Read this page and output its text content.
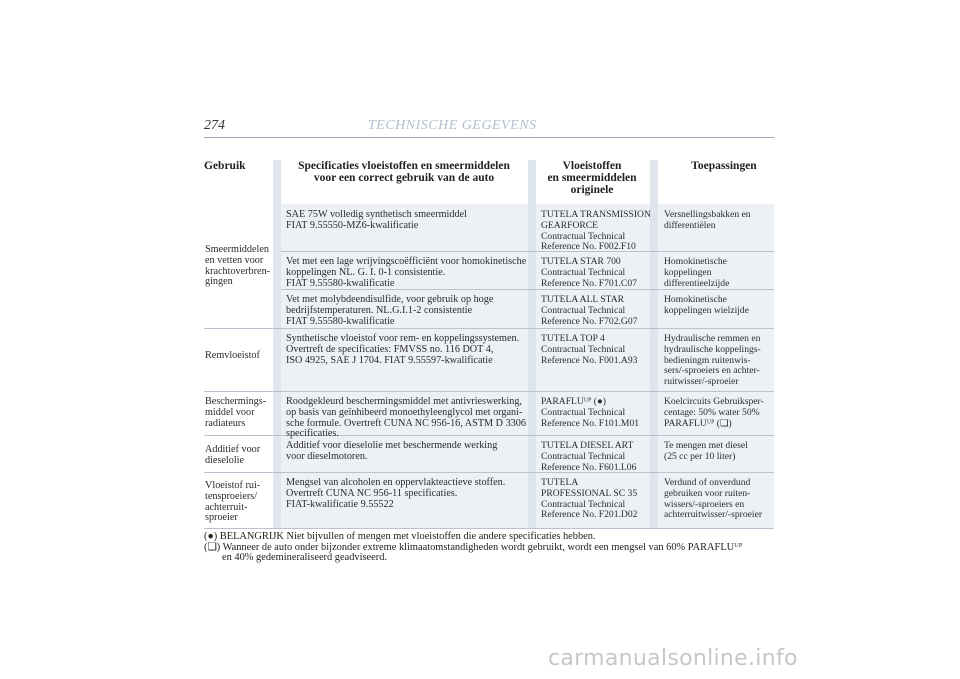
274	TECHNISCHE GEGEVENS
Gebruik	Specificaties vloeistoffen en smeermiddelen
voor een correct gebruik van de auto
Vloeistoffen
en smeermiddelen
originele
Toepassingen
Smeermiddelen
en vetten voor
krachtoverbren-
gingen
SAE 75W volledig synthetisch smeermiddel
FIAT 9.55550-MZ6-kwalificatie
TUTELA TRANSMISSION
GEARFORCE
Contractual Technical
Reference No. F002.F10
Versnellingsbakken en
differentiëlen
Vet met een lage wrijvingscoëfficiënt voor homokinetische
koppelingen NL. G. I. 0-1 consistentie.
FIAT 9.55580-kwalificatie
TUTELA STAR 700
Contractual Technical
Reference No. F701.C07
Homokinetische
koppelingen
differentieelzijde
Vet met molybdeendisulfide, voor gebruik op hoge
bedrijfstemperaturen. NL.G.I.1-2 consistentie
FIAT 9.55580-kwalificatie
TUTELA ALL STAR
Contractual Technical
Reference No. F702.G07
Homokinetische
koppelingen wielzijde
Remvloeistof
Synthetische vloeistof voor rem- en koppelingssystemen.
Overtreft de specificaties: FMVSS no. 116 DOT 4,
ISO 4925, SAE J 1704. FIAT 9.55597-kwalificatie
TUTELA TOP 4
Contractual Technical
Reference No. F001.A93
Hydraulische remmen en
hydraulische koppelings-
bedieningm ruitenwis-
sers/-sproeiers en achter-
ruitwisser/-sproeier
Beschermings-
middel voor
radiateurs
Roodgekleurd beschermingsmiddel met antivrieswerking,
op basis van geïnhibeerd monoethyleenglycol met organi-
sche formule. Overtreft CUNA NC 956-16, ASTM D 3306
specificaties.
PARAFLUᵁᴾ (●)
Contractual Technical
Reference No. F101.M01
Koelcircuits Gebruiksper-
centage: 50% water 50%
PARAFLUᵁᴾ (❏)
Additief voor
dieselolie
Additief voor dieselolie met beschermende werking
voor dieselmotoren.
TUTELA DIESEL ART
Contractual Technical
Reference No. F601.L06
Te mengen met diesel
(25 cc per 10 liter)
Vloeistof rui-
tensproeiers/
achterruit-
sproeier
Mengsel van alcoholen en oppervlakteactieve stoffen.
Overtreft CUNA NC 956-11 specificaties.
FIAT-kwalificatie 9.55522
TUTELA
PROFESSIONAL SC 35
Contractual Technical
Reference No. F201.D02
Verdund of onverdund
gebruiken voor ruiten-
wissers/-sproeiers en
achterruitwisser/-sproeier
(●) BELANGRIJK Niet bijvullen of mengen met vloeistoffen die andere specificaties hebben.
(❏) Wanneer de auto onder bijzonder extreme klimaatomstandigheden wordt gebruikt, wordt een mengsel van 60% PARAFLUᵁᴾ
en 40% gedemineraliseerd geadviseerd.
carmanualsonline.info
